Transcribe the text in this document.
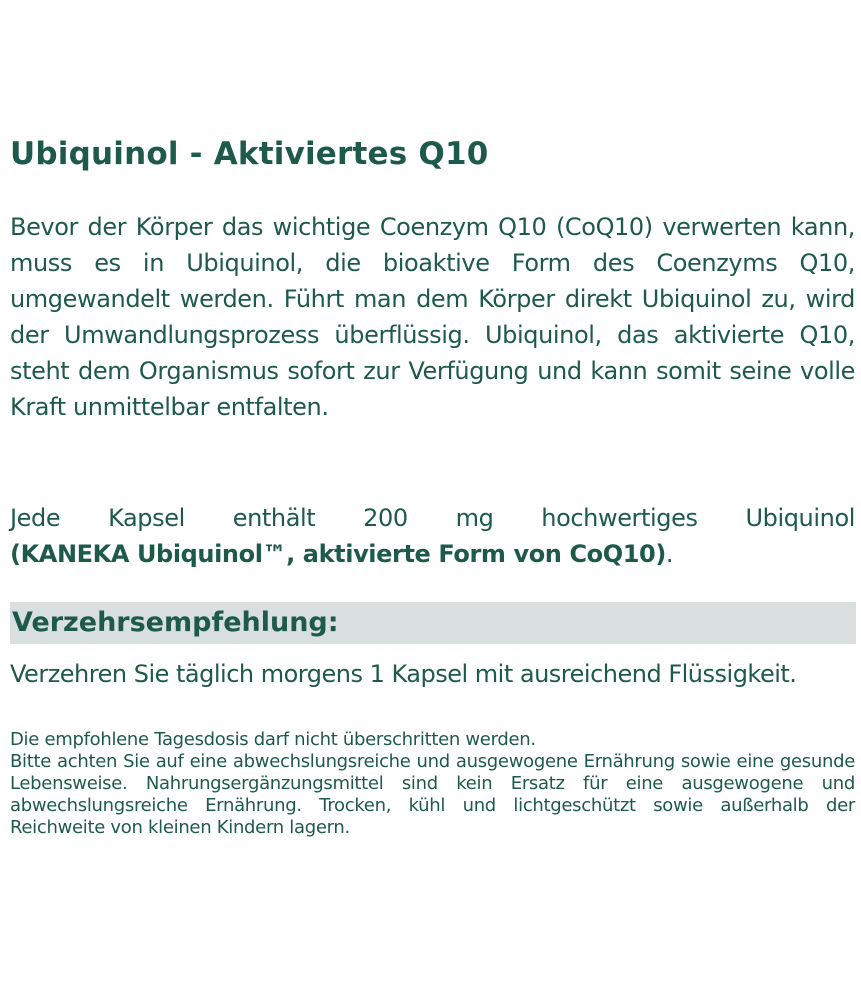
Ubiquinol - Aktiviertes Q10

Bevor der Körper das wichtige Coenzym Q10 (CoQ10) verwerten kann, muss es in Ubiquinol, die bioaktive Form des Coenzyms Q10, umgewandelt werden. Führt man dem Körper direkt Ubiquinol zu, wird der Umwandlungsprozess überflüssig. Ubiquinol, das aktivierte Q10, steht dem Organismus sofort zur Verfügung und kann somit seine volle Kraft unmittelbar entfalten.

Jede Kapsel enthält 200 mg hochwertiges Ubiquinol
(KANEKA Ubiquinol™, aktivierte Form von CoQ10).

Verzehrsempfehlung:

Verzehren Sie täglich morgens 1 Kapsel mit ausreichend Flüssigkeit.

Die empfohlene Tagesdosis darf nicht überschritten werden.
Bitte achten Sie auf eine abwechslungsreiche und ausgewogene Ernährung sowie eine gesunde Lebensweise. Nahrungsergänzungsmittel sind kein Ersatz für eine ausgewogene und abwechslungsreiche Ernährung. Trocken, kühl und lichtgeschützt sowie außerhalb der Reichweite von kleinen Kindern lagern.
